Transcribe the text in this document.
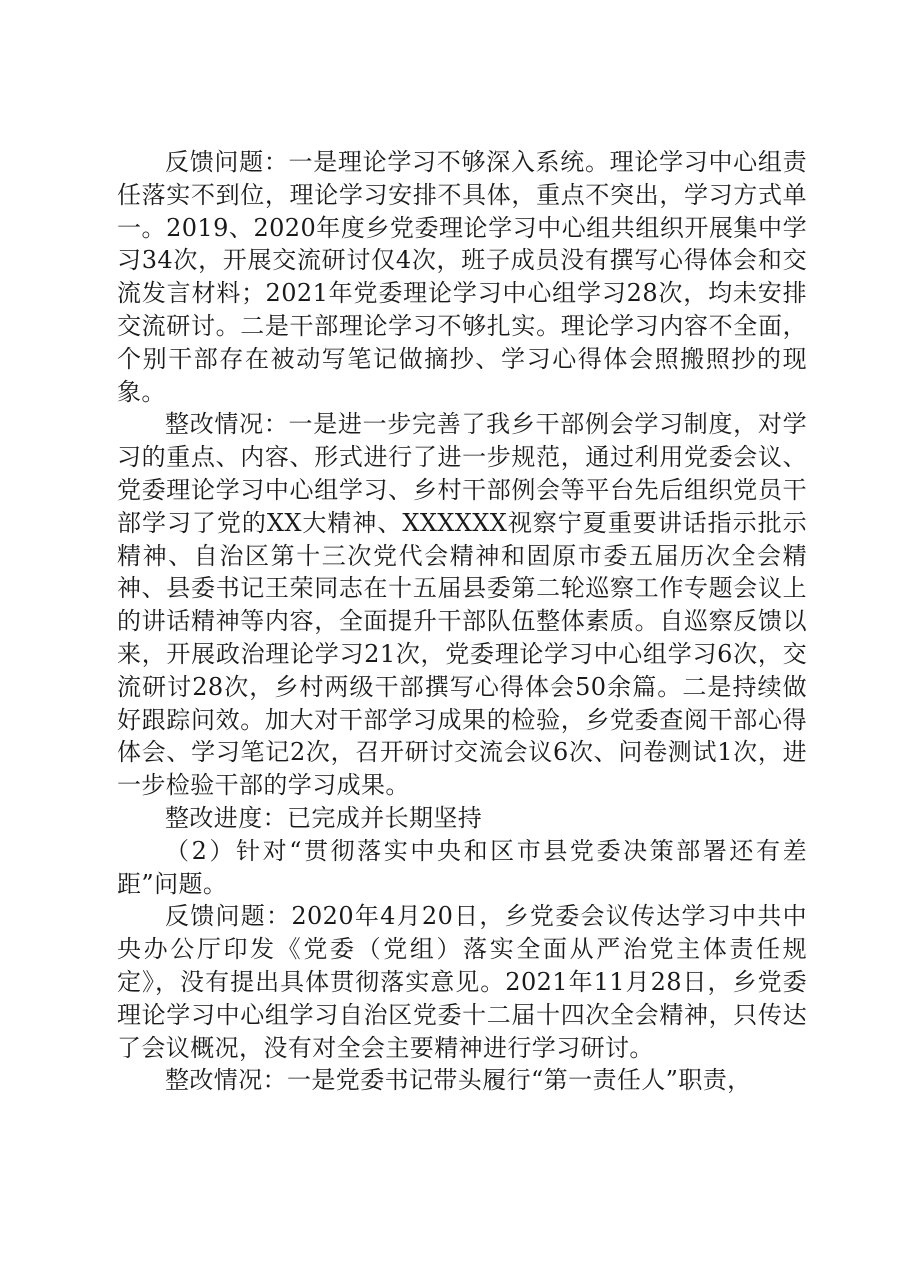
反馈问题：一是理论学习不够深入系统。理论学习中心组责任落实不到位，理论学习安排不具体，重点不突出，学习方式单一。2019、2020年度乡党委理论学习中心组共组织开展集中学习34次，开展交流研讨仅4次，班子成员没有撰写心得体会和交流发言材料；2021年党委理论学习中心组学习28次，均未安排交流研讨。二是干部理论学习不够扎实。理论学习内容不全面，个别干部存在被动写笔记做摘抄、学习心得体会照搬照抄的现象。

整改情况：一是进一步完善了我乡干部例会学习制度，对学习的重点、内容、形式进行了进一步规范，通过利用党委会议、党委理论学习中心组学习、乡村干部例会等平台先后组织党员干部学习了党的XX大精神、XXXXXX视察宁夏重要讲话指示批示精神、自治区第十三次党代会精神和固原市委五届历次全会精神、县委书记王荣同志在十五届县委第二轮巡察工作专题会议上的讲话精神等内容，全面提升干部队伍整体素质。自巡察反馈以来，开展政治理论学习21次，党委理论学习中心组学习6次，交流研讨28次，乡村两级干部撰写心得体会50余篇。二是持续做好跟踪问效。加大对干部学习成果的检验，乡党委查阅干部心得体会、学习笔记2次，召开研讨交流会议6次、问卷测试1次，进一步检验干部的学习成果。

整改进度：已完成并长期坚持

（2）针对“贯彻落实中央和区市县党委决策部署还有差距”问题。

反馈问题：2020年4月20日，乡党委会议传达学习中共中央办公厅印发《党委（党组）落实全面从严治党主体责任规定》，没有提出具体贯彻落实意见。2021年11月28日，乡党委理论学习中心组学习自治区党委十二届十四次全会精神，只传达了会议概况，没有对全会主要精神进行学习研讨。

整改情况：一是党委书记带头履行“第一责任人”职责，
